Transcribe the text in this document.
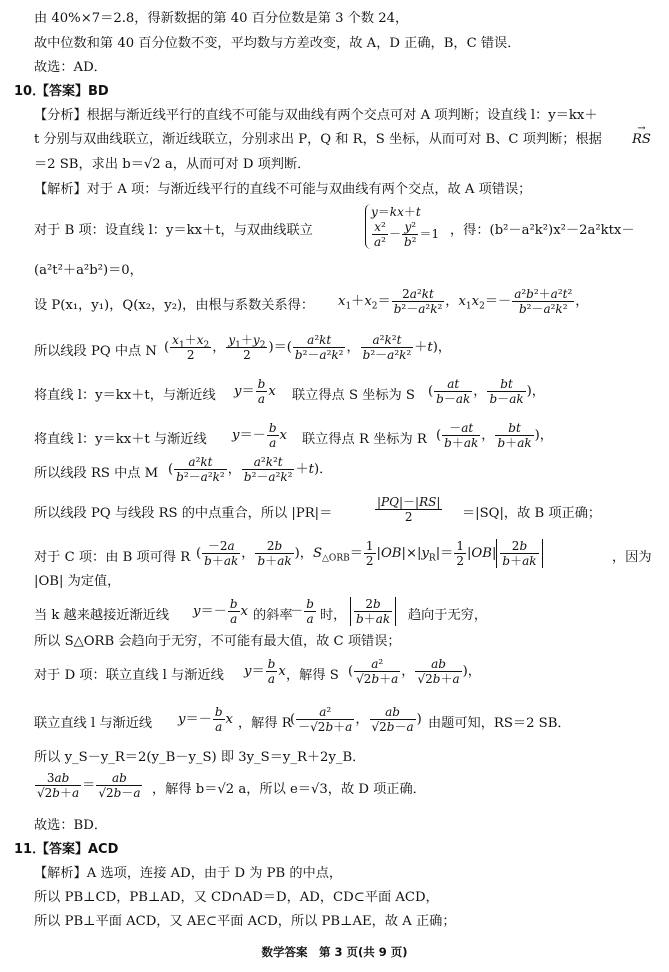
由 40%×7＝2.8，得新数据的第 40 百分位数是第 3 个数 24，
故中位数和第 40 百分位数不变，平均数与方差改变，故 A，D 正确，B，C 错误．
故选：AD．
10．
【答案】BD
【分析】根据与渐近线平行的直线不可能与双曲线有两个交点可对 A 项判断；设直线 l：y＝kx＋
t 分别与双曲线联立，渐近线联立，分别求出 P，Q 和 R，S 坐标，从而可对 B、C 项判断；根据
→ RS
＝2 SB，求出 b＝√2 a，从而可对 D 项判断．
【解析】对于 A 项：与渐近线平行的直线不可能与双曲线有两个交点，故 A 项错误；
对于 B 项：设直线 l：y＝kx＋t，与双曲线联立
y＝kx＋t

$\frac{\text{x²}}{\text{a²}} - \frac{\text{y²}}{\text{b²}} =1$ ，得：(b²－a²k²)x²－2a²ktx－
(a²t²＋a²b²)＝0，
设 P(x₁，y₁)，Q(x₂，y₂)，由根与系数关系得： $x_1+x_2= \frac{\text{2a²kt}}{\text{b²－a²k²}}$ ，$x_1x_2=- \frac{\text{a²b²＋a²t²}}{\text{b²－a²k²}}$ ，
所以线段 PQ 中点 N ( $\frac{x_1+x_2}{2}$ ， $\frac{y_1+y_2}{2}$ )＝( $\frac{\text{a²kt}}{\text{b²－a²k²}}$ ， $\frac{\text{a²k²t}}{\text{b²－a²k²}} +t$)，
将直线 l：y＝kx＋t，与渐近线 $y= \frac{b}{a}$ x 联立得点 S 坐标为 S ( $\frac{at}{b-ak}$ ， $\frac{bt}{b-ak}$ )，
将直线 l：y＝kx＋t 与渐近线 $y=- \frac{b}{a}$ x 联立得点 R 坐标为 R ( $\frac{-at}{b+ak}$ ， $\frac{bt}{b+ak}$ )，
所以线段 RS 中点 M ( $\frac{\text{a²kt}}{\text{b²－a²k²}}$ ， $\frac{\text{a²k²t}}{\text{b²－a²k²}} +t$)．
所以线段 PQ 与线段 RS 的中点重合，所以 |PR|＝	$\frac{|PQ|-|RS|}{2} =|SQ|$，故 B 项正确；
对于 C 项：由 B 项可得 R ( $\frac{-2a}{b+ak}$ ， $\frac{2b}{b+ak}$ )，$S_{\triangle ORB}= \frac{1}{2} |OB|\times|y_R|= \frac{1}{2} |OB| \frac{2b}{b+ak}$	，因为
|OB| 为定值，
当 k 越来越接近渐近线 $y=- \frac{b}{a}$ x 的斜率
－ $\frac{b}{a}$ 时， $\frac{2b}{b+ak}$ 趋向于无穷，
所以 S△ORB 会趋向于无穷，不可能有最大值，故 C 项错误；
对于 D 项：联立直线 l 与渐近线 $y= \frac{b}{a}$ x ，解得 S ( $\frac{\text{a²}}{√2b+a}$ ， $\frac{ab}{√2b+a}$ )，
联立直线 l 与渐近线 $y=- \frac{b}{a}$ x ，解得 R
( $\frac{\text{a²}}{-√2b+a}$ ， $\frac{ab}{√2b-a}$ ) 由题可知，RS＝2 SB．
所以 y_S－y_R＝2(y_B－y_S) 即 3y_S＝y_R＋2y_B．
$\frac{3ab}{√2b+a} = \frac{ab}{√2b-a}$ ，解得 b＝√2 a，所以 e＝√3，故 D 项正确．
故选：BD．
11．
【答案】ACD
【解析】A 选项，连接 AD，由于 D 为 PB 的中点，
所以 PB⊥CD，PB⊥AD，又 CD∩AD＝D，AD，CD⊂平面 ACD，
所以 PB⊥平面 ACD，又 AE⊂平面 ACD，所以 PB⊥AE，故 A 正确；
数学答案　第 3 页(共 9 页)
